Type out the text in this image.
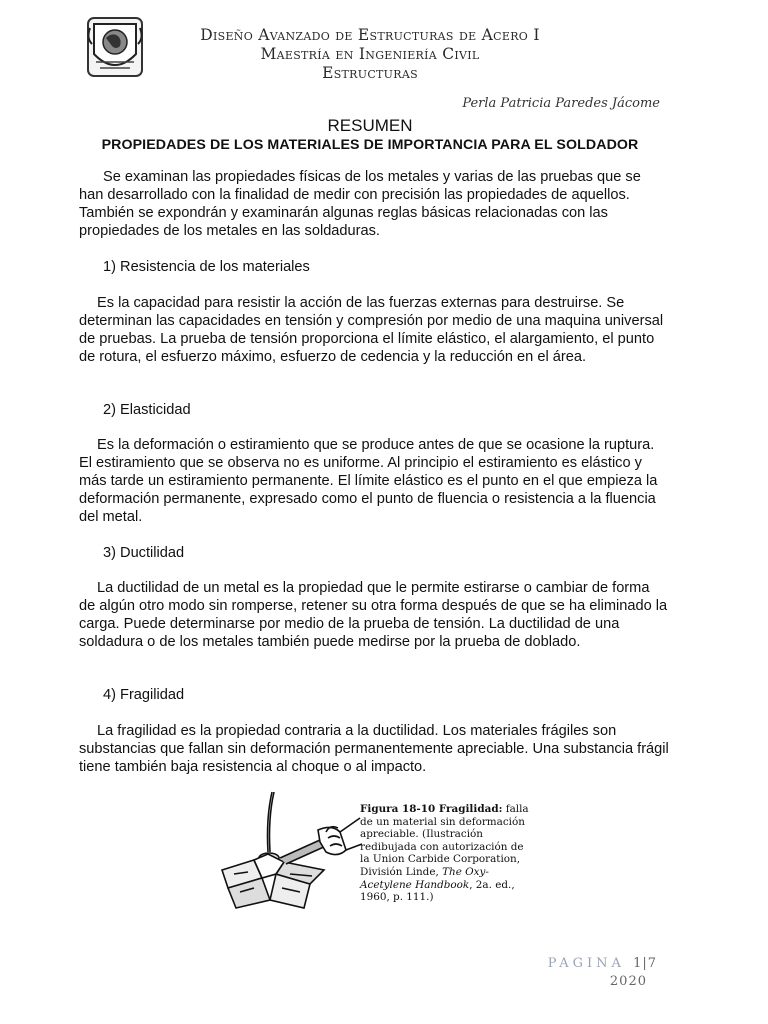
Diseño Avanzado de Estructuras de Acero I
Maestría en Ingeniería Civil
Estructuras
Perla Patricia Paredes Jácome
RESUMEN
PROPIEDADES DE LOS MATERIALES DE IMPORTANCIA PARA EL SOLDADOR
Se examinan las propiedades físicas de los metales y varias de las pruebas que se han desarrollado con la finalidad de medir con precisión las propiedades de aquellos. También se expondrán y examinarán algunas reglas básicas relacionadas con las propiedades de los metales en las soldaduras.
1) Resistencia de los materiales
Es la capacidad para resistir la acción de las fuerzas externas para destruirse. Se determinan las capacidades en tensión y compresión por medio de una maquina universal de pruebas. La prueba de tensión proporciona el límite elástico, el alargamiento, el punto de rotura, el esfuerzo máximo, esfuerzo de cedencia y la reducción en el área.
2) Elasticidad
Es la deformación o estiramiento que se produce antes de que se ocasione la ruptura. El estiramiento que se observa no es uniforme. Al principio el estiramiento es elástico y más tarde un estiramiento permanente. El límite elástico es el punto en el que empieza la deformación permanente, expresado como el punto de fluencia o resistencia a la fluencia del metal.
3) Ductilidad
La ductilidad de un metal es la propiedad que le permite estirarse o cambiar de forma de algún otro modo sin romperse, retener su otra forma después de que se ha eliminado la carga. Puede determinarse por medio de la prueba de tensión. La ductilidad de una soldadura o de los metales también puede medirse por la prueba de doblado.
4) Fragilidad
La fragilidad es la propiedad contraria a la ductilidad. Los materiales frágiles son substancias que fallan sin deformación permanentemente apreciable. Una substancia frágil tiene también baja resistencia al choque o al impacto.
Figura 18-10 Fragilidad: falla de un material sin deformación apreciable. (Ilustración redibujada con autorización de la Union Carbide Corporation, División Linde, The Oxy-Acetylene Handbook, 2a. ed., 1960, p. 111.)
PAGINA 1|7
2020
